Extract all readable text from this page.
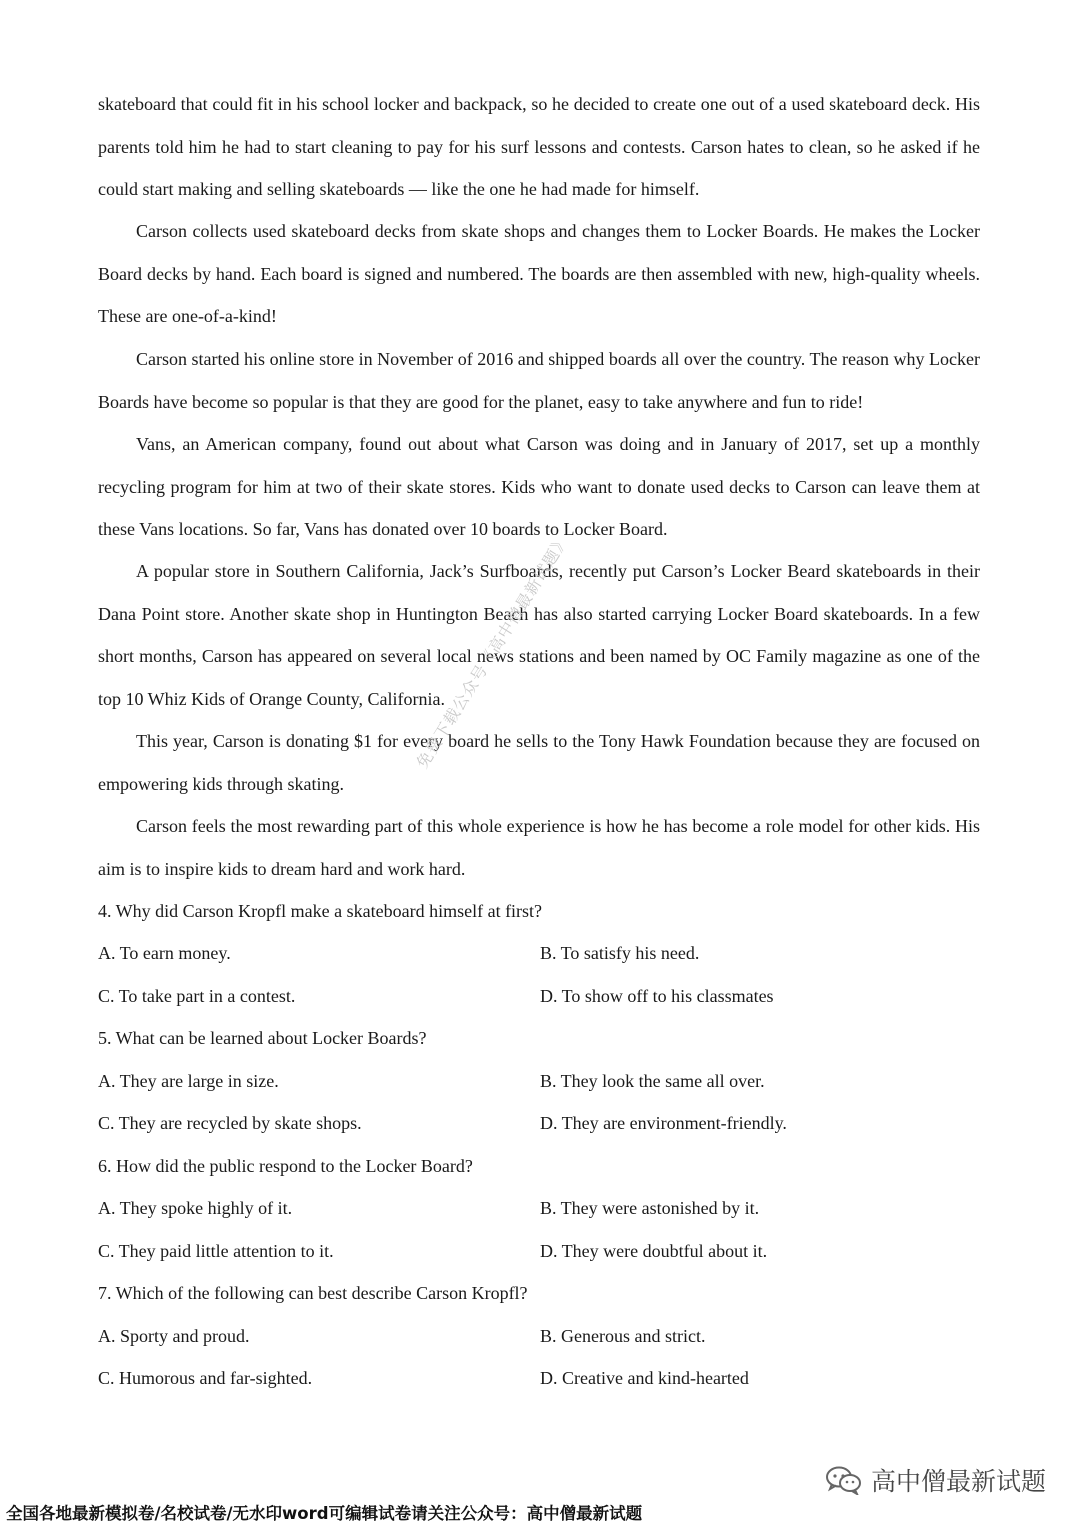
skateboard that could fit in his school locker and backpack, so he decided to create one out of a used skateboard deck. His parents told him he had to start cleaning to pay for his surf lessons and contests. Carson hates to clean, so he asked if he could start making and selling skateboards — like the one he had made for himself.

Carson collects used skateboard decks from skate shops and changes them to Locker Boards. He makes the Locker Board decks by hand. Each board is signed and numbered. The boards are then assembled with new, high-quality wheels. These are one-of-a-kind!

Carson started his online store in November of 2016 and shipped boards all over the country. The reason why Locker Boards have become so popular is that they are good for the planet, easy to take anywhere and fun to ride!

Vans, an American company, found out about what Carson was doing and in January of 2017, set up a monthly recycling program for him at two of their skate stores. Kids who want to donate used decks to Carson can leave them at these Vans locations. So far, Vans has donated over 10 boards to Locker Board.

A popular store in Southern California, Jack’s Surfboards, recently put Carson’s Locker Beard skateboards in their Dana Point store. Another skate shop in Huntington Beach has also started carrying Locker Board skateboards. In a few short months, Carson has appeared on several local news stations and been named by OC Family magazine as one of the top 10 Whiz Kids of Orange County, California.

This year, Carson is donating $1 for every board he sells to the Tony Hawk Foundation because they are focused on empowering kids through skating.

Carson feels the most rewarding part of this whole experience is how he has become a role model for other kids. His aim is to inspire kids to dream hard and work hard.

免费下载公众号《高中僧最新试题》

4. Why did Carson Kropfl make a skateboard himself at first?

A. To earn money.	B. To satisfy his need.

C. To take part in a contest.	D. To show off to his classmates

5. What can be learned about Locker Boards?

A. They are large in size.	B. They look the same all over.

C. They are recycled by skate shops.	D. They are environment-friendly.

6. How did the public respond to the Locker Board?

A. They spoke highly of it.	B. They were astonished by it.

C. They paid little attention to it.	D. They were doubtful about it.

7. Which of the following can best describe Carson Kropfl?

A. Sporty and proud.	B. Generous and strict.

C. Humorous and far-sighted.	D. Creative and kind-hearted

高中僧最新试题
全国各地最新模拟卷/名校试卷/无水印word可编辑试卷请关注公众号：高中僧最新试题
